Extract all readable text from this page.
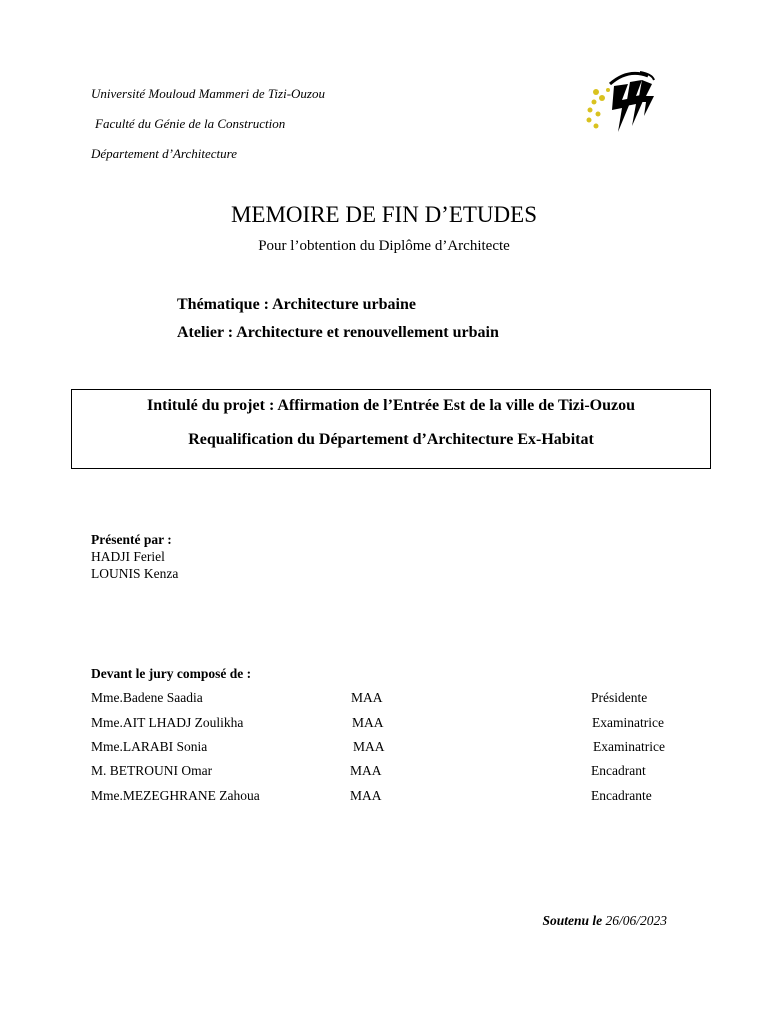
Université Mouloud Mammeri de Tizi-Ouzou
Faculté du Génie de la Construction
Département d’Architecture
MEMOIRE DE FIN D’ETUDES
Pour l’obtention du Diplôme d’Architecte
Thématique : Architecture urbaine
Atelier : Architecture et renouvellement urbain
Intitulé du projet : Affirmation de l’Entrée Est de la ville de Tizi-Ouzou
Requalification du Département d’Architecture Ex-Habitat
Présenté par :
HADJI Feriel
LOUNIS Kenza
Devant le jury composé de :
Mme.Badene Saadia	MAA	Présidente
Mme.AIT LHADJ Zoulikha	MAA	Examinatrice
Mme.LARABI Sonia	MAA	Examinatrice
M. BETROUNI Omar	MAA	Encadrant
Mme.MEZEGHRANE Zahoua	MAA	Encadrante
Soutenu le 26/06/2023
